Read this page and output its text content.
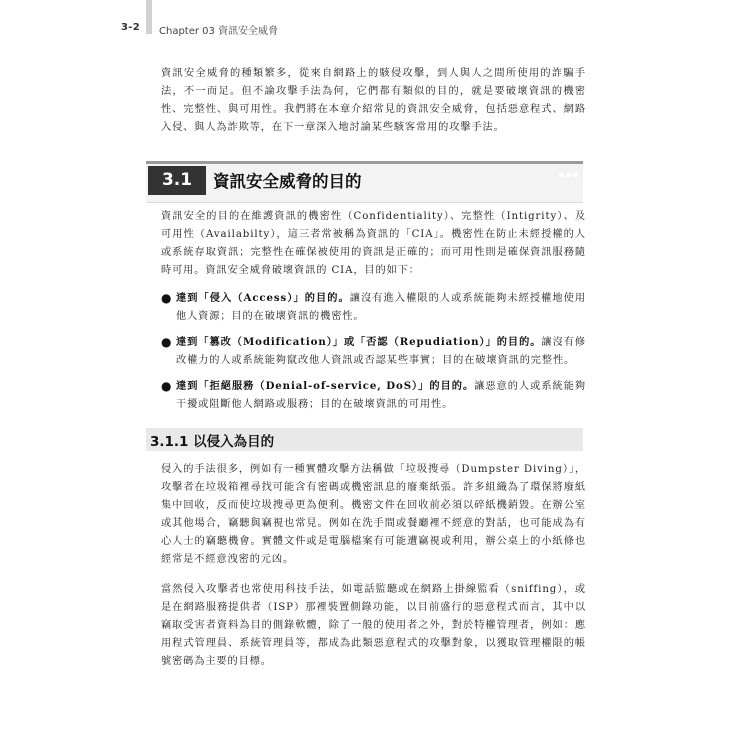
3-2 Chapter 03 資訊安全威脅

資訊安全威脅的種類繁多，從來自網路上的駭侵攻擊，到人與人之間所使用的詐騙手法，不一而足。但不論攻擊手法為何，它們都有類似的目的，就是要破壞資訊的機密性、完整性、與可用性。我們將在本章介紹常見的資訊安全威脅，包括惡意程式、網路入侵、與人為詐欺等，在下一章深入地討論某些駭客常用的攻擊手法。

3.1	資訊安全威脅的目的

資訊安全的目的在維護資訊的機密性（Confidentiality）、完整性（Intigrity）、及可用性（Availabilty），這三者常被稱為資訊的「CIA」。機密性在防止未經授權的人或系統存取資訊；完整性在確保被使用的資訊是正確的；而可用性則是確保資訊服務隨時可用。資訊安全威脅破壞資訊的 CIA，目的如下：

● 達到「侵入（Access）」的目的。讓沒有進入權限的人或系統能夠未經授權地使用他人資源；目的在破壞資訊的機密性。
● 達到「篡改（Modification）」或「否認（Repudiation）」的目的。讓沒有修改權力的人或系統能夠竄改他人資訊或否認某些事實；目的在破壞資訊的完整性。
● 達到「拒絕服務（Denial-of-service, DoS）」的目的。讓惡意的人或系統能夠干擾或阻斷他人網路或服務；目的在破壞資訊的可用性。
3.1.1 以侵入為目的

侵入的手法很多，例如有一種實體攻擊方法稱做「垃圾搜尋（Dumpster Diving）」，攻擊者在垃圾箱裡尋找可能含有密碼或機密訊息的廢棄紙張。許多組織為了環保將廢紙集中回收，反而使垃圾搜尋更為便利。機密文件在回收前必須以碎紙機銷毀。在辦公室或其他場合，竊聽與竊視也常見。例如在洗手間或餐廳裡不經意的對話，也可能成為有心人士的竊聽機會。實體文件或是電腦檔案有可能遭竊視或利用，辦公桌上的小紙條也經常是不經意洩密的元凶。

當然侵入攻擊者也常使用科技手法，如電話監聽或在網路上掛線監看（sniffing），或是在網路服務提供者（ISP）那裡裝置側錄功能，以目前盛行的惡意程式而言，其中以竊取受害者資料為目的側錄軟體，除了一般的使用者之外，對於特權管理者，例如：應用程式管理員、系統管理員等，都成為此類惡意程式的攻擊對象，以獲取管理權限的帳號密碼為主要的目標。
